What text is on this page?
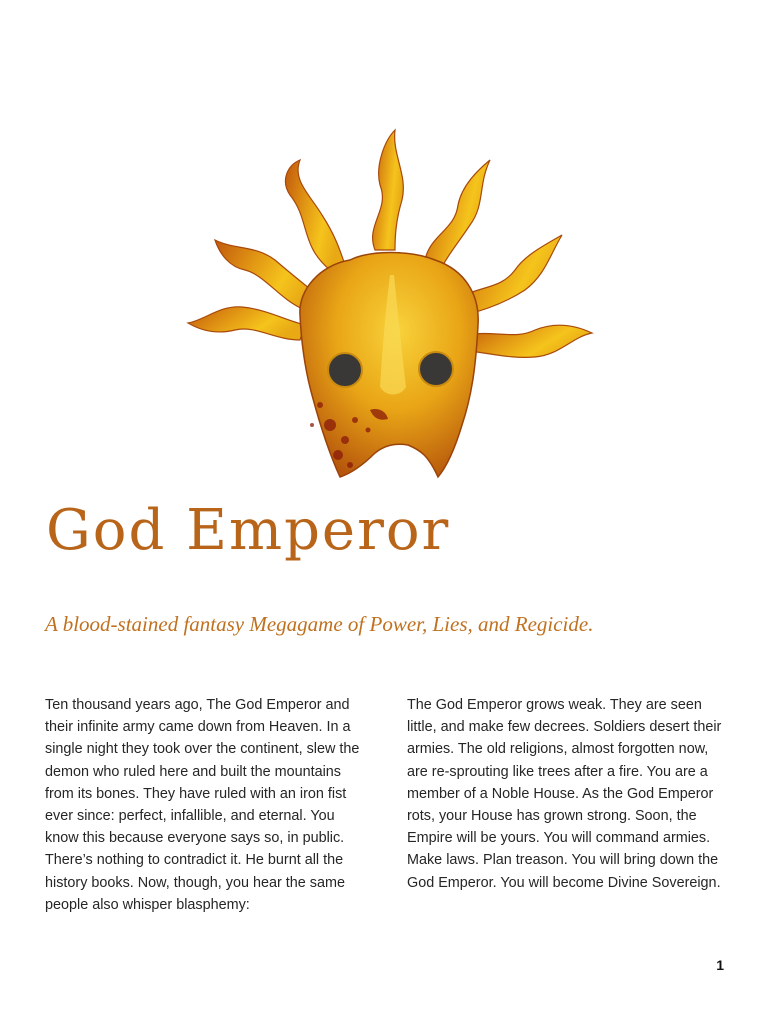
God Emperor

A blood-stained fantasy Megagame of Power, Lies, and Regicide.

Ten thousand years ago, The God Emperor and their infinite army came down from Heaven. In a single night they took over the continent, slew the demon who ruled here and built the mountains from its bones. They have ruled with an iron fist ever since: perfect, infallible, and eternal. You know this because everyone says so, in public. There’s nothing to contradict it. He burnt all the history books. Now, though, you hear the same people also whisper blasphemy:

The God Emperor grows weak. They are seen little, and make few decrees. Soldiers desert their armies. The old religions, almost forgotten now, are re-sprouting like trees after a fire. You are a member of a Noble House. As the God Emperor rots, your House has grown strong. Soon, the Empire will be yours. You will command armies. Make laws. Plan treason. You will bring down the God Emperor. You will become Divine Sovereign.

1
